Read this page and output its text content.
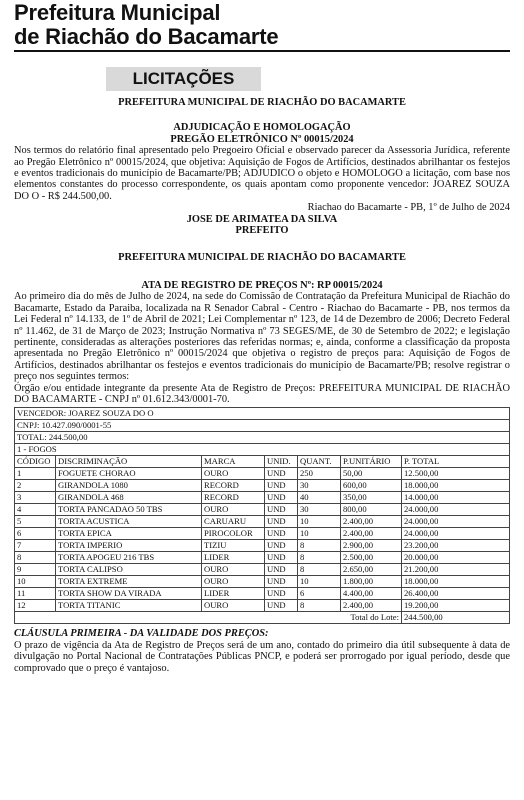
Prefeitura Municipal
de Riachão do Bacamarte
LICITAÇÕES

PREFEITURA MUNICIPAL DE RIACHÃO DO BACAMARTE

ADJUDICAÇÃO E HOMOLOGAÇÃO

PREGÃO ELETRÔNICO Nº 00015/2024

Nos termos do relatório final apresentado pelo Pregoeiro Oficial e observado parecer da Assessoria Jurídica, referente ao Pregão Eletrônico nº 00015/2024, que objetiva: Aquisição de Fogos de Artifícios, destinados abrilhantar os festejos e eventos tradicionais do município de Bacamarte/PB; ADJUDICO o objeto e HOMOLOGO a licitação, com base nos elementos constantes do processo correspondente, os quais apontam como proponente vencedor: JOAREZ SOUZA DO O - R$ 244.500,00.

Riachao do Bacamarte - PB, 1º de Julho de 2024

JOSE DE ARIMATEA DA SILVA

PREFEITO

PREFEITURA MUNICIPAL DE RIACHÃO DO BACAMARTE

ATA DE REGISTRO DE PREÇOS Nº: RP 00015/2024

Ao primeiro dia do mês de Julho de 2024, na sede do Comissão de Contratação da Prefeitura Municipal de Riachão do Bacamarte, Estado da Paraiba, localizada na R Senador Cabral - Centro - Riachao do Bacamarte - PB, nos termos da Lei Federal nº 14.133, de 1º de Abril de 2021; Lei Complementar nº 123, de 14 de Dezembro de 2006; Decreto Federal nº 11.462, de 31 de Março de 2023; Instrução Normativa nº 73 SEGES/ME, de 30 de Setembro de 2022; e legislação pertinente, consideradas as alterações posteriores das referidas normas; e, ainda, conforme a classificação da proposta apresentada no Pregão Eletrônico nº 00015/2024 que objetiva o registro de preços para: Aquisição de Fogos de Artifícios, destinados abrilhantar os festejos e eventos tradicionais do município de Bacamarte/PB; resolve registrar o preço nos seguintes termos:

Órgão e/ou entidade integrante da presente Ata de Registro de Preços: PREFEITURA MUNICIPAL DE RIACHÃO DO BACAMARTE - CNPJ nº 01.612.343/0001-70.

VENCEDOR: JOAREZ SOUZA DO O						
CNPJ: 10.427.090/0001-55						
TOTAL: 244.500,00						
1 - FOGOS						
CÓDIGO	DISCRIMINAÇÃO	MARCA	UNID.	QUANT.	P.UNITÁRIO	P. TOTAL
1	FOGUETE CHORAO	OURO	UND	250	50,00	12.500,00
2	GIRANDOLA 1080	RECORD	UND	30	600,00	18.000,00
3	GIRANDOLA 468	RECORD	UND	40	350,00	14.000,00
4	TORTA PANCADAO 50 TBS	OURO	UND	30	800,00	24.000,00
5	TORTA ACUSTICA	CARUARU	UND	10	2.400,00	24.000,00
6	TORTA EPICA	PIROCOLOR	UND	10	2.400,00	24.000,00
7	TORTA IMPERIO	TIZIU	UND	8	2.900,00	23.200,00
8	TORTA APOGEU 216 TBS	LIDER	UND	8	2.500,00	20.000,00
9	TORTA CALIPSO	OURO	UND	8	2.650,00	21.200,00
10	TORTA EXTREME	OURO	UND	10	1.800,00	18.000,00
11	TORTA SHOW DA VIRADA	LIDER	UND	6	4.400,00	26.400,00
12	TORTA TITANIC	OURO	UND	8	2.400,00	19.200,00
					Total do Lote:	244.500,00

CLÁUSULA PRIMEIRA - DA VALIDADE DOS PREÇOS:

O prazo de vigência da Ata de Registro de Preços será de um ano, contado do primeiro dia útil subsequente à data de divulgação no Portal Nacional de Contratações Públicas PNCP, e poderá ser prorrogado por igual período, desde que comprovado que o preço é vantajoso.
